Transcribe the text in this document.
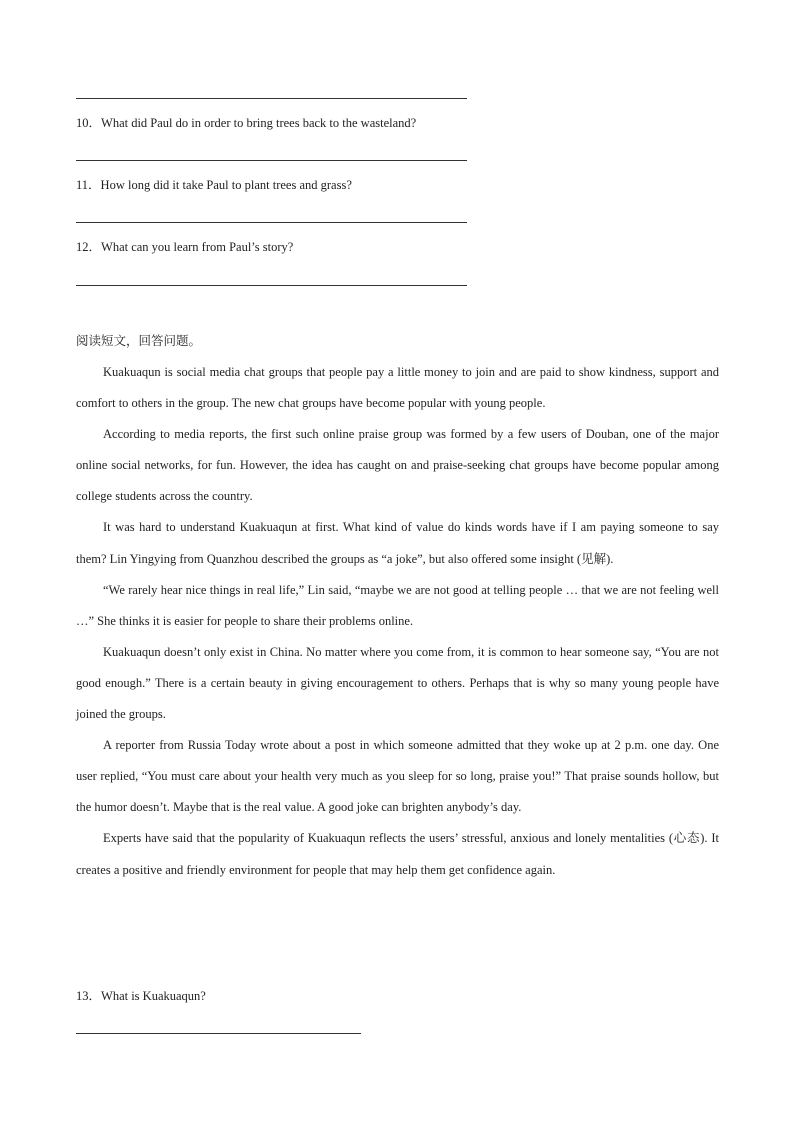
10．What did Paul do in order to bring trees back to the wasteland?
11．How long did it take Paul to plant trees and grass?
12．What can you learn from Paul’s story?
阅读短文，回答问题。

Kuakuaqun is social media chat groups that people pay a little money to join and are paid to show kindness, support and comfort to others in the group. The new chat groups have become popular with young people.

According to media reports, the first such online praise group was formed by a few users of Douban, one of the major online social networks, for fun. However, the idea has caught on and praise-seeking chat groups have become popular among college students across the country.

It was hard to understand Kuakuaqun at first. What kind of value do kinds words have if I am paying someone to say them? Lin Yingying from Quanzhou described the groups as “a joke”, but also offered some insight (见解).

“We rarely hear nice things in real life,” Lin said, “maybe we are not good at telling people … that we are not feeling well …” She thinks it is easier for people to share their problems online.

Kuakuaqun doesn’t only exist in China. No matter where you come from, it is common to hear someone say, “You are not good enough.” There is a certain beauty in giving encouragement to others. Perhaps that is why so many young people have joined the groups.

A reporter from Russia Today wrote about a post in which someone admitted that they woke up at 2 p.m. one day. One user replied, “You must care about your health very much as you sleep for so long, praise you!” That praise sounds hollow, but the humor doesn’t. Maybe that is the real value. A good joke can brighten anybody’s day.

Experts have said that the popularity of Kuakuaqun reflects the users’ stressful, anxious and lonely mentalities (心态). It creates a positive and friendly environment for people that may help them get confidence again.

13．What is Kuakuaqun?
